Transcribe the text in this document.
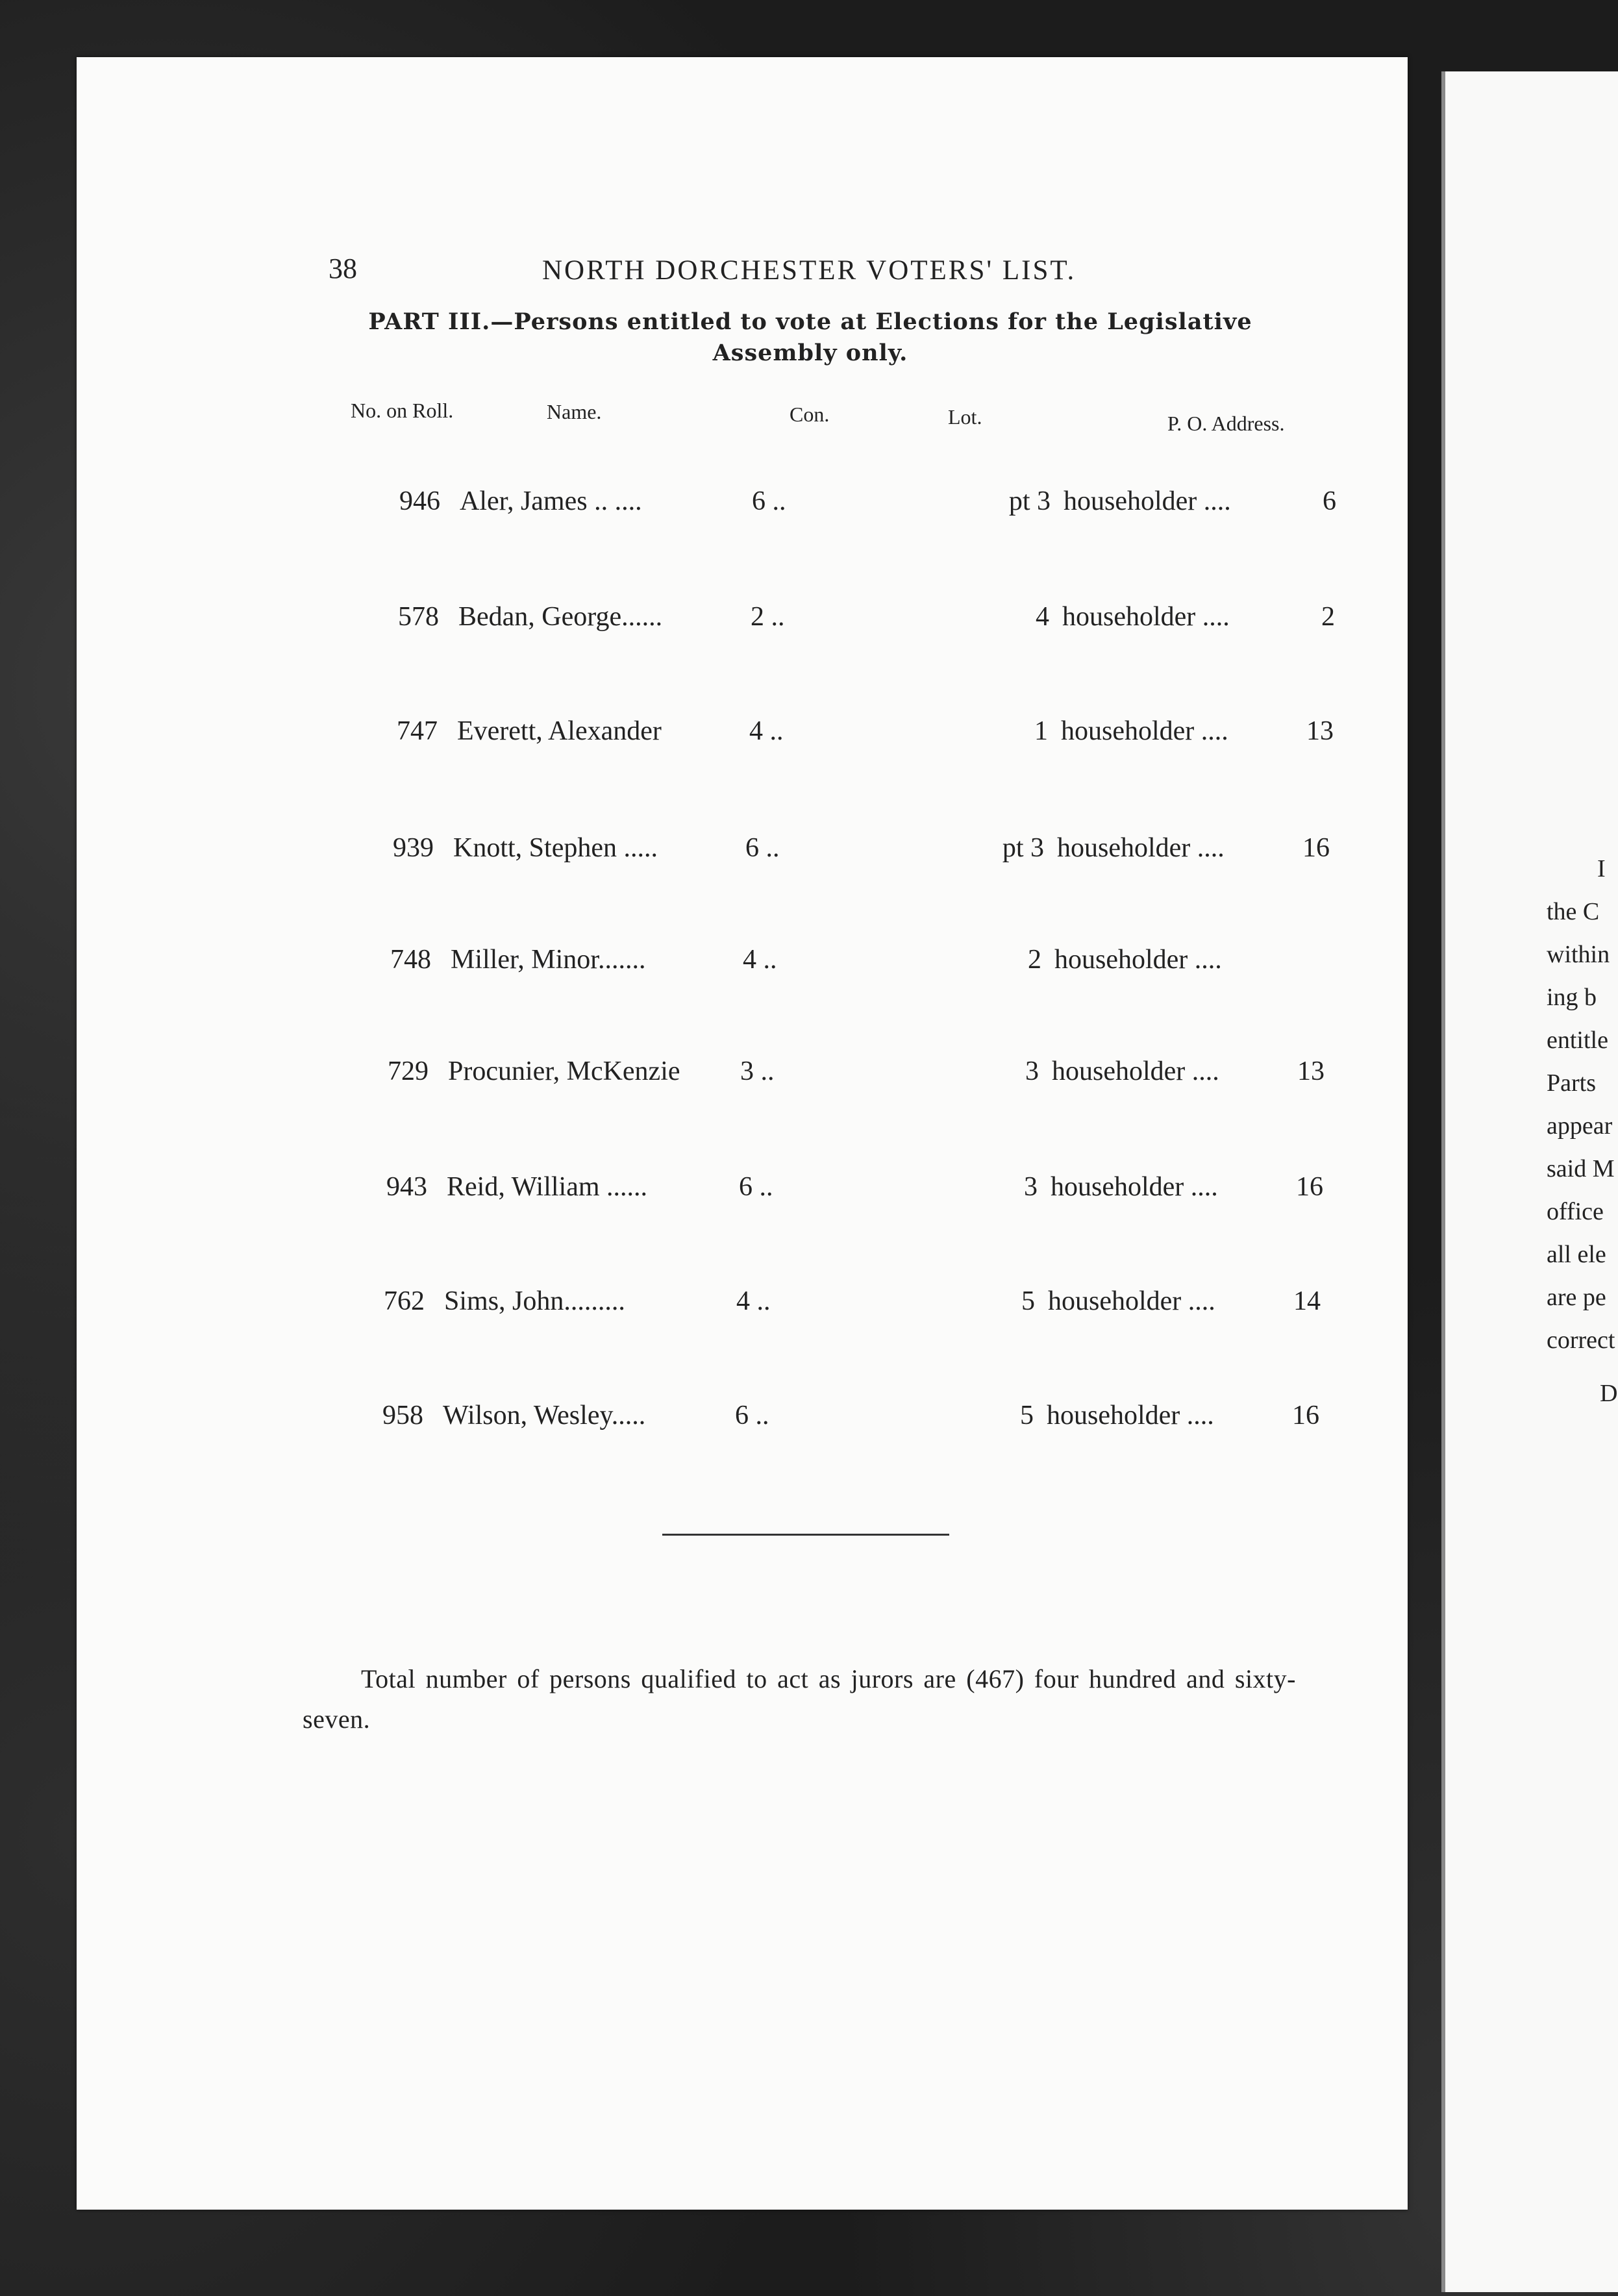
38	NORTH DORCHESTER VOTERS' LIST.
PART III.—Persons entitled to vote at Elections for the Legislative
Assembly only.
No. on Roll.	Name.	Con.	Lot.	P. O. Address.
946 Aler, James .. ....	6 ..	pt 3 householder ....	6
578 Bedan, George......	2 ..	4 householder ....	2
747 Everett, Alexander	4 ..	1 householder ....	13
939 Knott, Stephen .....	6 ..	pt 3 householder ....	16
748 Miller, Minor.......	4 ..	2 householder ....
729 Procunier, McKenzie 3 ..	3 householder ....	13
943 Reid, William ......	6 ..	3 householder ....	16
762 Sims, John.........	4 ..	5 householder ....	14
958 Wilson, Wesley.....	6 ..	5 householder ....	16
Total number of persons qualified to act as jurors are (467) four hundred and sixty-seven.
I
the C
within
ing b
entitle
Parts
appear
said M
office
all ele
are pe
correct
D
